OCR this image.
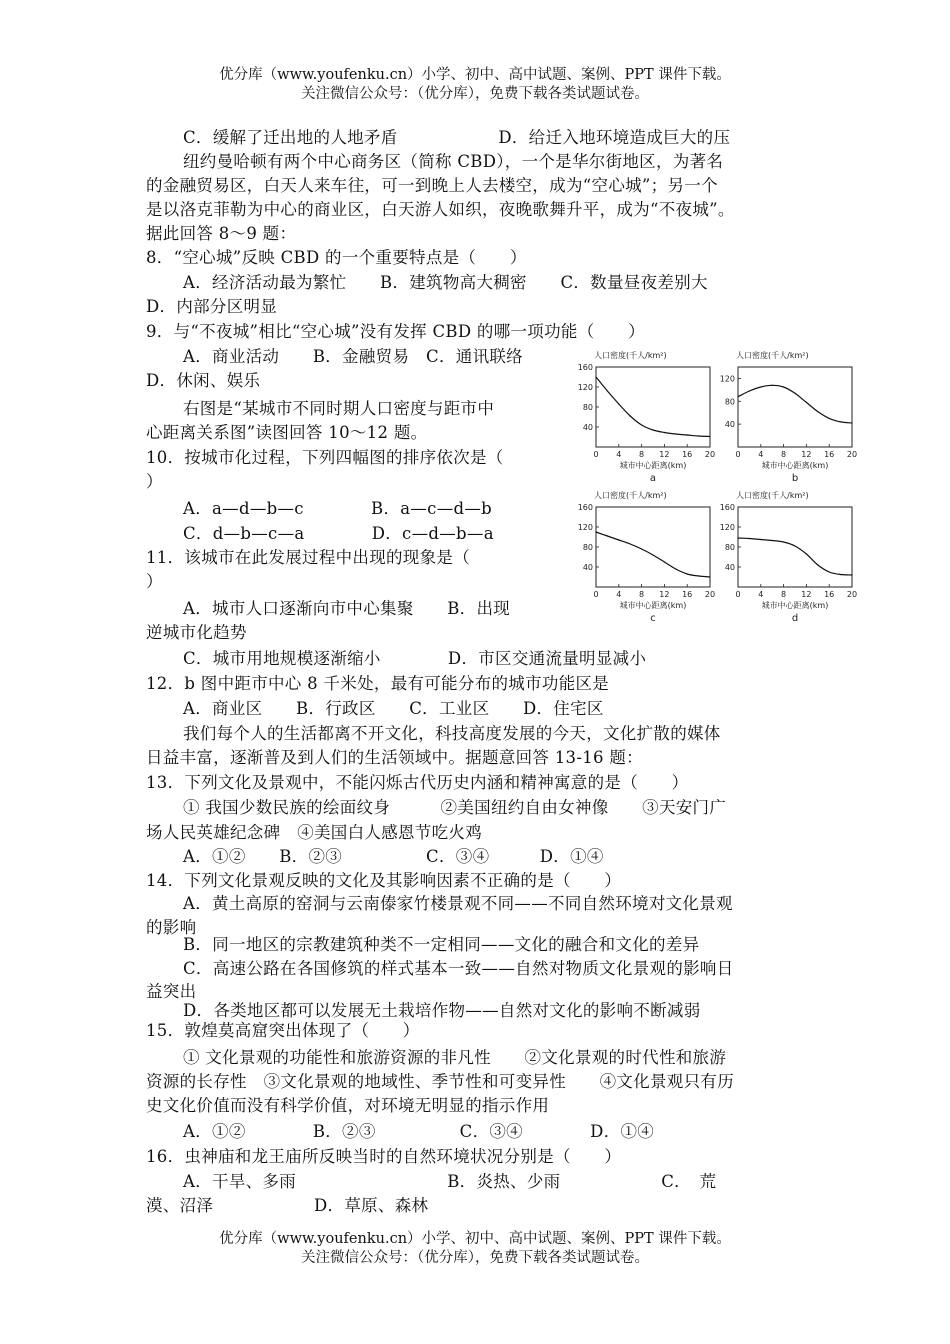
优分库（www.youfenku.cn）小学、初中、高中试题、案例、PPT 课件下载。
关注微信公众号：（优分库），免费下载各类试题试卷。
C．缓解了迁出地的人地矛盾　　　　　　D．给迁入地环境造成巨大的压
纽约曼哈顿有两个中心商务区（简称 CBD），一个是华尔街地区，为著名
的金融贸易区，白天人来车往，可一到晚上人去楼空，成为“空心城”；另一个
是以洛克菲勒为中心的商业区，白天游人如织，夜晚歌舞升平，成为“不夜城”。
据此回答 8～9 题：
8．“空心城”反映 CBD 的一个重要特点是（　　）
A．经济活动最为繁忙　　B．建筑物高大稠密　　C．数量昼夜差别大
D．内部分区明显
9．与“不夜城”相比“空心城”没有发挥 CBD 的哪一项功能（　　）
A．商业活动　　B．金融贸易　C．通讯联络
D．休闲、娱乐
右图是“某城市不同时期人口密度与距市中
心距离关系图”读图回答 10～12 题。
10．按城市化过程，下列四幅图的排序依次是（
）
A．a—d—b—c　　　　B．a—c—d—b
C．d—b—c—a　　　　D．c—d—b—a
11．该城市在此发展过程中出现的现象是（
）
A．城市人口逐渐向市中心集聚　　B．出现
逆城市化趋势
C．城市用地规模逐渐缩小　　　　D．市区交通流量明显减小
12．b 图中距市中心 8 千米处，最有可能分布的城市功能区是
A．商业区　　B．行政区　　C．工业区　　D．住宅区
我们每个人的生活都离不开文化，科技高度发展的今天，文化扩散的媒体
日益丰富，逐渐普及到人们的生活领域中。据题意回答 13-16 题：
13．下列文化及景观中，不能闪烁古代历史内涵和精神寓意的是（　　）
① 我国少数民族的绘面纹身　　　②美国纽约自由女神像　　③天安门广
场人民英雄纪念碑　④美国白人感恩节吃火鸡
A．①②　　B．②③　　　　　C．③④　　　D．①④
14．下列文化景观反映的文化及其影响因素不正确的是（　　）
A．黄土高原的窑洞与云南傣家竹楼景观不同——不同自然环境对文化景观
的影响
B．同一地区的宗教建筑种类不一定相同——文化的融合和文化的差异
C．高速公路在各国修筑的样式基本一致——自然对物质文化景观的影响日
益突出
D．各类地区都可以发展无土栽培作物——自然对文化的影响不断减弱
15．敦煌莫高窟突出体现了（　　）
① 文化景观的功能性和旅游资源的非凡性　　②文化景观的时代性和旅游
资源的长存性　③文化景观的地域性、季节性和可变异性　　④文化景观只有历
史文化价值而没有科学价值，对环境无明显的指示作用
A．①②　　　　B．②③　　　　　C．③④　　　　D．①④
16．虫神庙和龙王庙所反映当时的自然环境状况分别是（　　）
A．干旱、多雨　　　　　　　　　B．炎热、少雨　　　　　　C．　荒
漠、沼泽　　　　　　D．草原、森林
人口密度(千人/km²)
40
80
120
160
0 4 8 12 16 20
城市中心距离(km)
a
人口密度(千人/km²)
40
80
120
0 4 8 12 16 20
城市中心距离(km)
b
人口密度(千人/km²)
40
80
120
160
0 4 8 12 16 20
城市中心距离(km)
c
人口密度(千人/km²)
40
80
120
160
0 4 8 12 16 20
城市中心距离(km)
d
优分库（www.youfenku.cn）小学、初中、高中试题、案例、PPT 课件下载。
关注微信公众号：（优分库），免费下载各类试题试卷。
